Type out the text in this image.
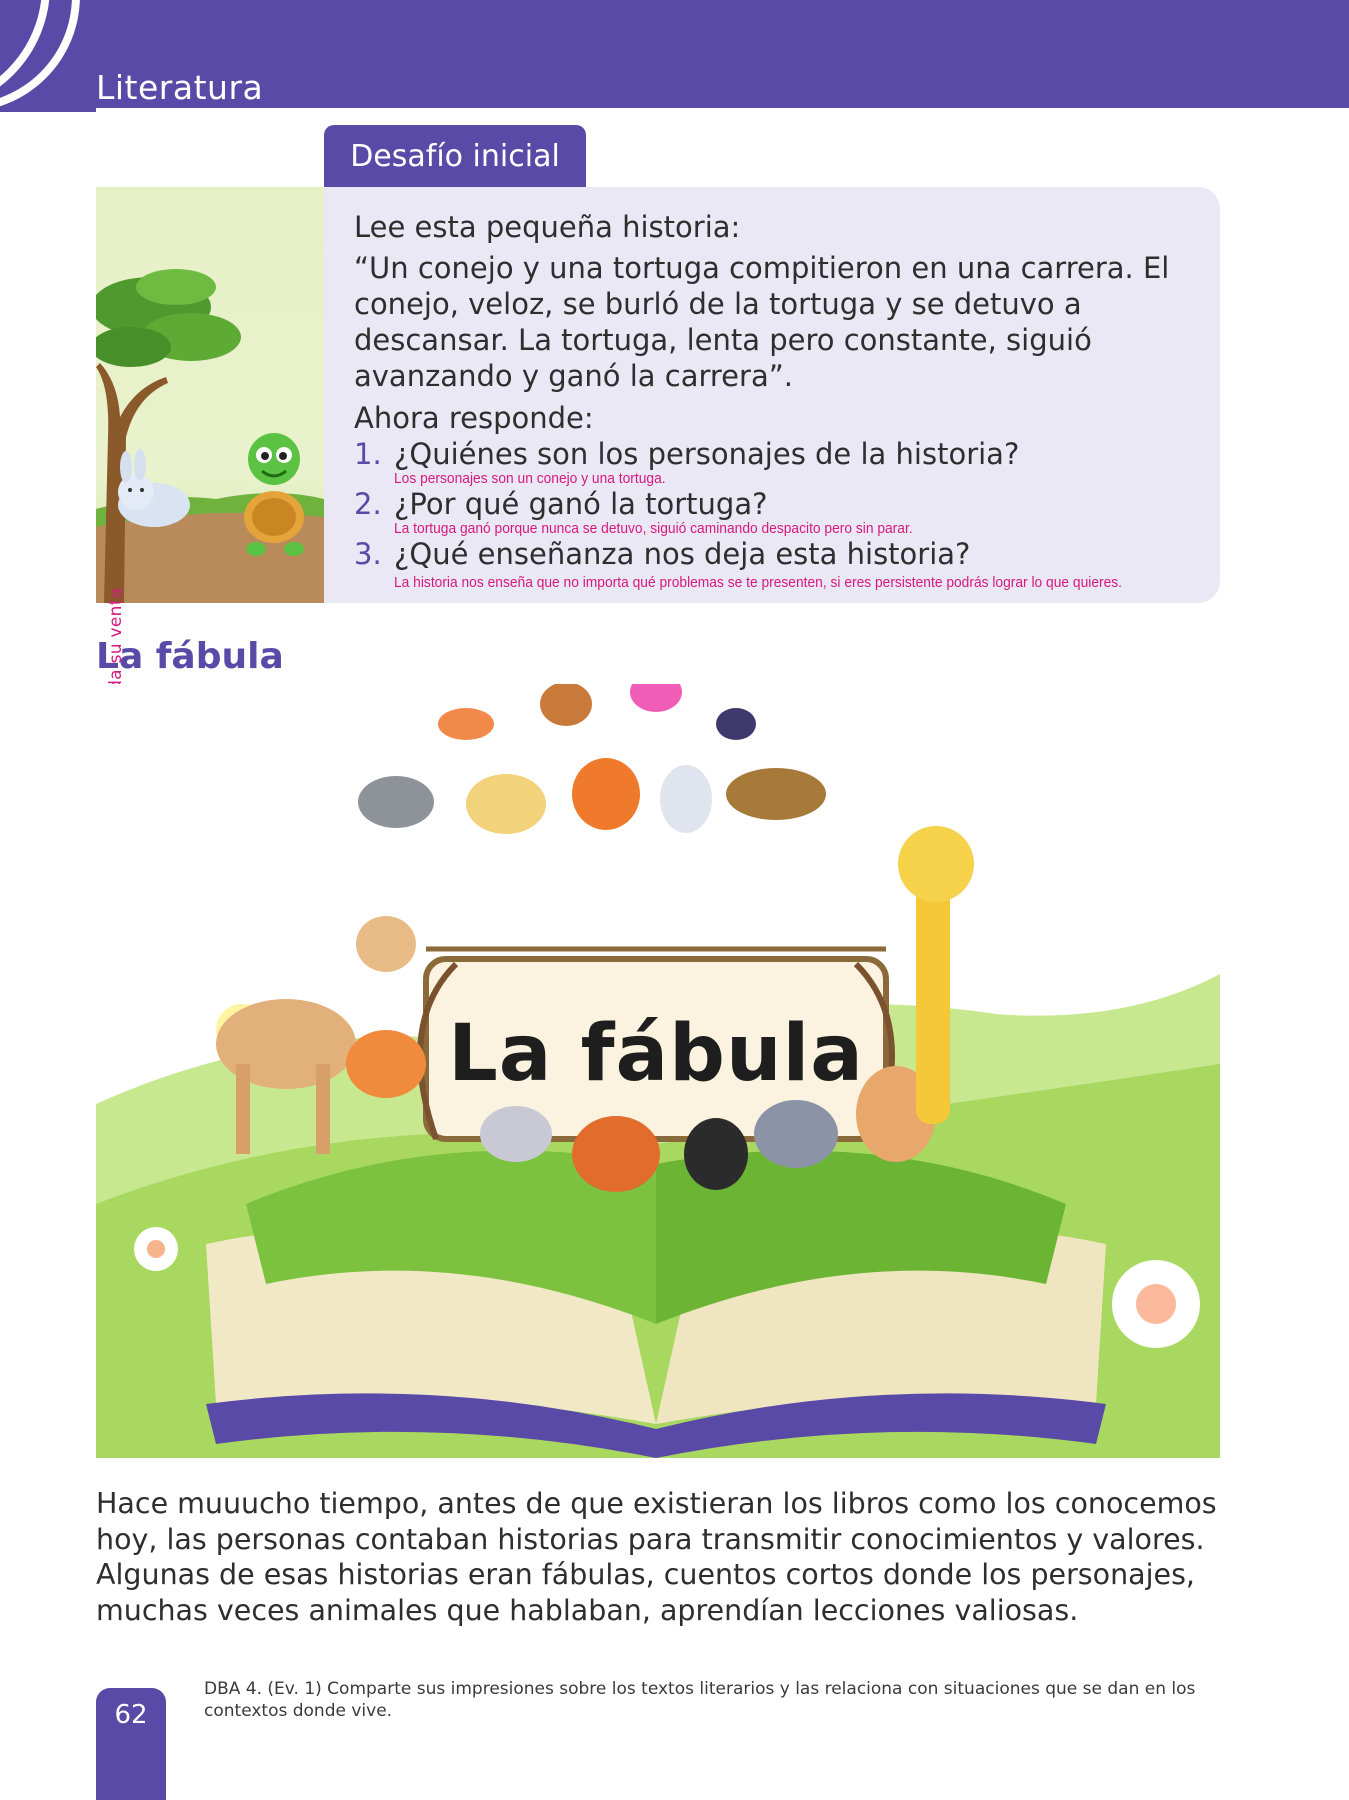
Literatura
Desafío inicial
Lee esta pequeña historia:
“Un conejo y una tortuga compitieron en una carrera. El conejo, veloz, se burló de la tortuga y se detuvo a descansar. La tortuga, lenta pero constante, siguió avanzando y ganó la carrera”.
Ahora responde:
1. ¿Quiénes son los personajes de la historia?
Los personajes son un conejo y una tortuga.
2. ¿Por qué ganó la tortuga?
La tortuga ganó porque nunca se detuvo, siguió caminando despacito pero sin parar.
3. ¿Qué enseñanza nos deja esta historia?
La historia nos enseña que no importa qué problemas se te presenten, si eres persistente podrás lograr lo que quieres.
La fábula
La fábula
Hace muuucho tiempo, antes de que existieran los libros como los conocemos hoy, las personas contaban historias para transmitir conocimientos y valores. Algunas de esas historias eran fábulas, cuentos cortos donde los personajes, muchas veces animales que hablaban, aprendían lecciones valiosas.
62
DBA 4. (Ev. 1) Comparte sus impresiones sobre los textos literarios y las relaciona con situaciones que se dan en los contextos donde vive.
